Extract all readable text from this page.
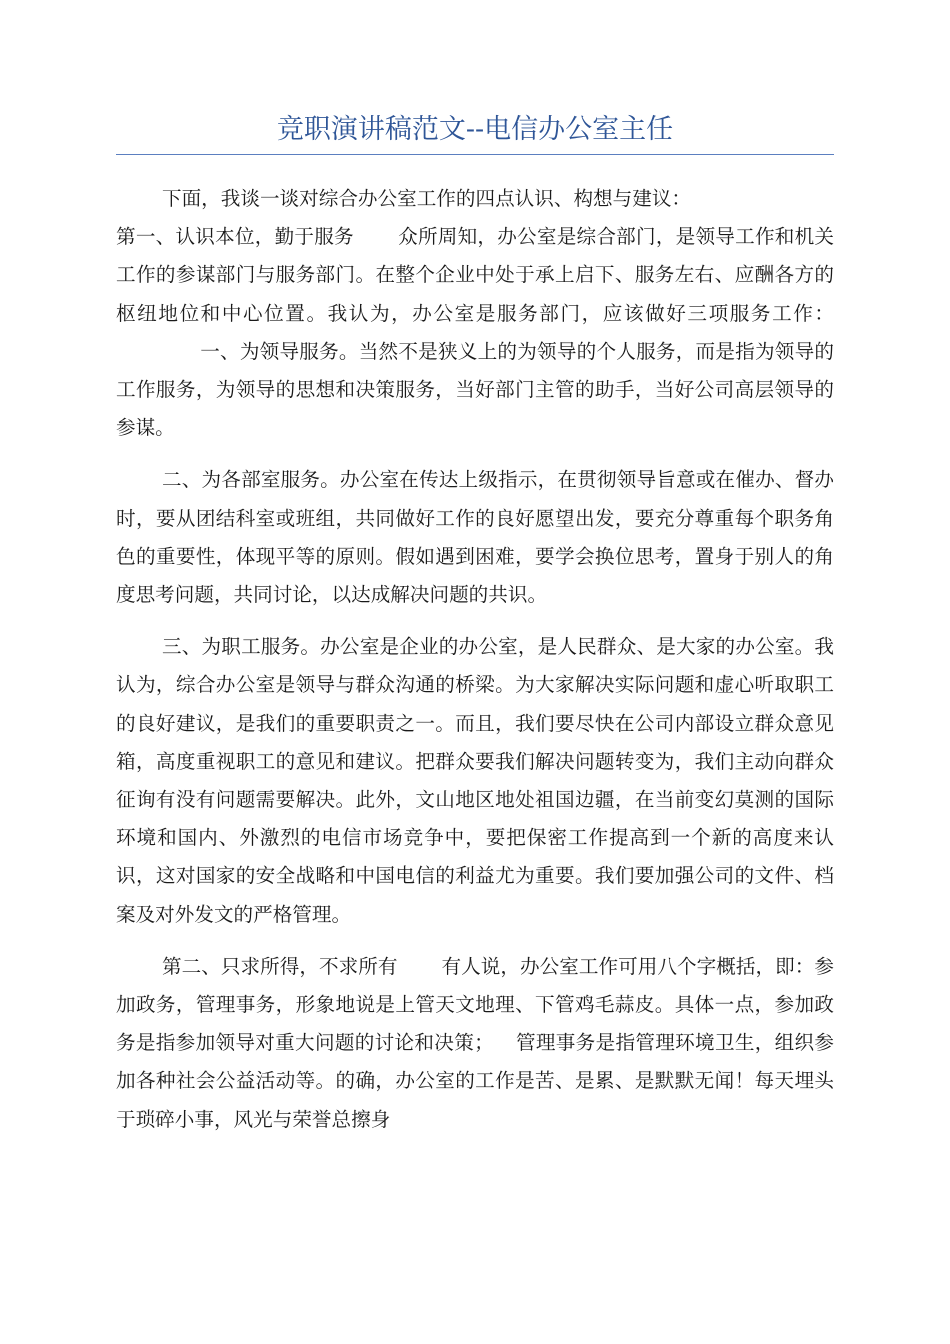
竞职演讲稿范文--电信办公室主任

下面，我谈一谈对综合办公室工作的四点认识、构想与建议：

第一、认识本位，勤于服务 众所周知，办公室是综合部门，是领导工作和机关工作的参谋部门与服务部门。在整个企业中处于承上启下、服务左右、应酬各方的枢纽地位和中心位置。我认为，办公室是服务部门，应该做好三项服务工作：一、为领导服务。当然不是狭义上的为领导的个人服务，而是指为领导的工作服务，为领导的思想和决策服务，当好部门主管的助手，当好公司高层领导的参谋。

二、为各部室服务。办公室在传达上级指示，在贯彻领导旨意或在催办、督办时，要从团结科室或班组，共同做好工作的良好愿望出发，要充分尊重每个职务角色的重要性，体现平等的原则。假如遇到困难，要学会换位思考，置身于别人的角度思考问题，共同讨论，以达成解决问题的共识。

三、为职工服务。办公室是企业的办公室，是人民群众、是大家的办公室。我认为，综合办公室是领导与群众沟通的桥梁。为大家解决实际问题和虚心听取职工的良好建议，是我们的重要职责之一。而且，我们要尽快在公司内部设立群众意见箱，高度重视职工的意见和建议。把群众要我们解决问题转变为，我们主动向群众征询有没有问题需要解决。此外，文山地区地处祖国边疆，在当前变幻莫测的国际环境和国内、外激烈的电信市场竞争中，要把保密工作提高到一个新的高度来认识，这对国家的安全战略和中国电信的利益尤为重要。我们要加强公司的文件、档案及对外发文的严格管理。

第二、只求所得，不求所有 有人说，办公室工作可用八个字概括，即：参加政务，管理事务，形象地说是上管天文地理、下管鸡毛蒜皮。具体一点，参加政务是指参加领导对重大问题的讨论和决策； 管理事务是指管理环境卫生，组织参加各种社会公益活动等。的确，办公室的工作是苦、是累、是默默无闻！每天埋头于琐碎小事，风光与荣誉总擦身
